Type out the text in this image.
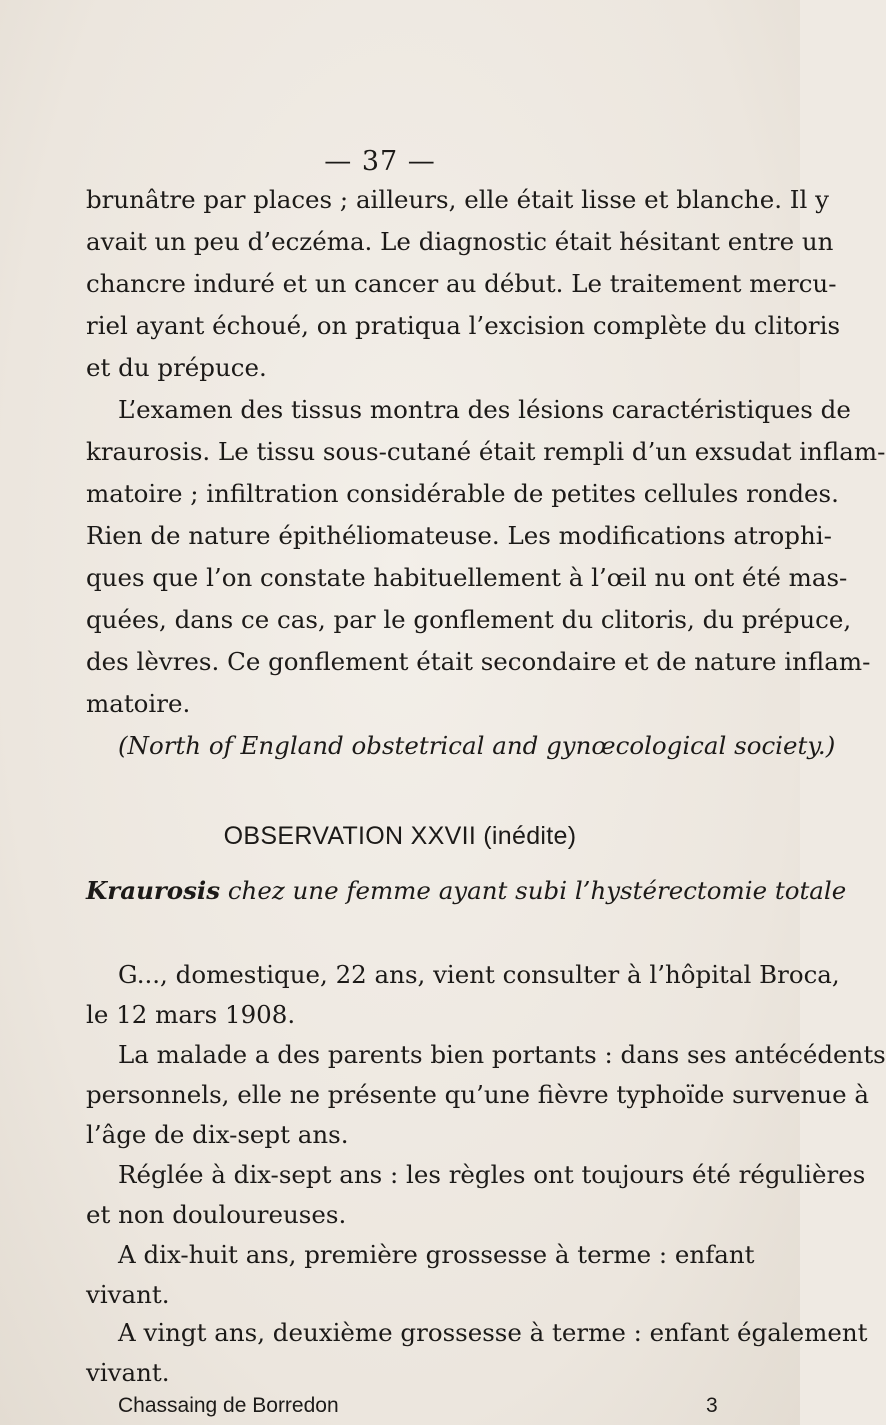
— 37 —
brunâtre par places ; ailleurs, elle était lisse et blanche. Il y
avait un peu d’eczéma. Le diagnostic était hésitant entre un
chancre induré et un cancer au début. Le traitement mercu-
riel ayant échoué, on pratiqua l’excision complète du clitoris
et du prépuce.
L’examen des tissus montra des lésions caractéristiques de
kraurosis. Le tissu sous-cutané était rempli d’un exsudat inflam-
matoire ; infiltration considérable de petites cellules rondes.
Rien de nature épithéliomateuse. Les modifications atrophi-
ques que l’on constate habituellement à l’œil nu ont été mas-
quées, dans ce cas, par le gonflement du clitoris, du prépuce,
des lèvres. Ce gonflement était secondaire et de nature inflam-
matoire.
(North of England obstetrical and gynœcological society.)
OBSERVATION XXVII (inédite)
Kraurosis chez une femme ayant subi l’hystérectomie totale
G..., domestique, 22 ans, vient consulter à l’hôpital Broca,
le 12 mars 1908.
La malade a des parents bien portants : dans ses antécédents
personnels, elle ne présente qu’une fièvre typhoïde survenue à
l’âge de dix-sept ans.
Réglée à dix-sept ans : les règles ont toujours été régulières
et non douloureuses.
A dix-huit ans, première grossesse à terme : enfant
vivant.
Chassaing de Borredon	3
A vingt ans, deuxième grossesse à terme : enfant également
vivant.
